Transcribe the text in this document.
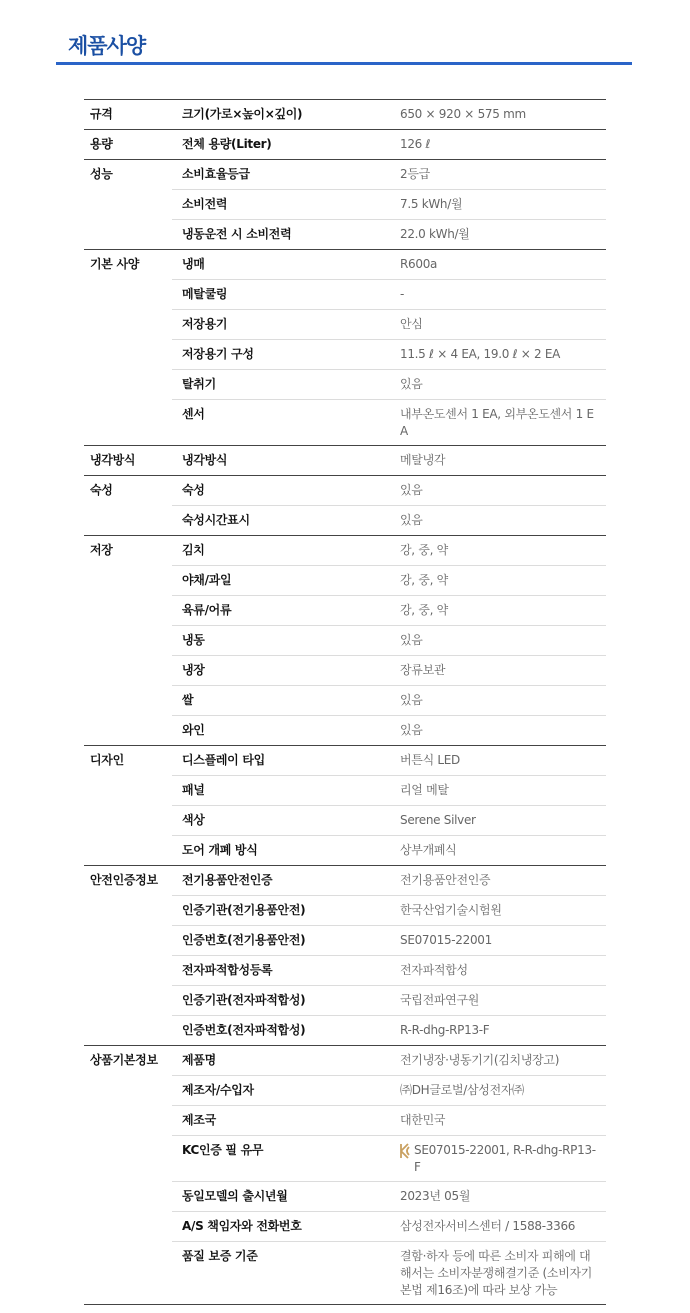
제품사양
규격	크기(가로×높이×깊이)	650 × 920 × 575 mm
용량	전체 용량(Liter)	126 ℓ
성능	소비효율등급	2등급
	소비전력	7.5 kWh/월
	냉동운전 시 소비전력	22.0 kWh/월
기본 사양	냉매	R600a
	메탈쿨링	-
	저장용기	안심
	저장용기 구성	11.5 ℓ × 4 EA, 19.0 ℓ × 2 EA
	탈취기	있음
	센서	내부온도센서 1 EA, 외부온도센서 1 EA
냉각방식	냉각방식	메탈냉각
숙성	숙성	있음
	숙성시간표시	있음
저장	김치	강, 중, 약
	야채/과일	강, 중, 약
	육류/어류	강, 중, 약
	냉동	있음
	냉장	장류보관
	쌀	있음
	와인	있음
디자인	디스플레이 타입	버튼식 LED
	패널	리얼 메탈
	색상	Serene Silver
	도어 개폐 방식	상부개폐식
안전인증정보	전기용품안전인증	전기용품안전인증
	인증기관(전기용품안전)	한국산업기술시험원
	인증번호(전기용품안전)	SE07015-22001
	전자파적합성등록	전자파적합성
	인증기관(전자파적합성)	국립전파연구원
	인증번호(전자파적합성)	R-R-dhg-RP13-F
상품기본정보	제품명	전기냉장·냉동기기(김치냉장고)
	제조자/수입자	㈜DH글로벌/삼성전자㈜
	제조국	대한민국
	KC인증 필 유무	SE07015-22001, R-R-dhg-RP13-F

	동일모델의 출시년월	2023년 05월
	A/S 책임자와 전화번호	삼성전자서비스센터 / 1588-3366
	품질 보증 기준	결함·하자 등에 따른 소비자 피해에 대해서는 소비자분쟁해결기준 (소비자기본법 제16조)에 따라 보상 가능
